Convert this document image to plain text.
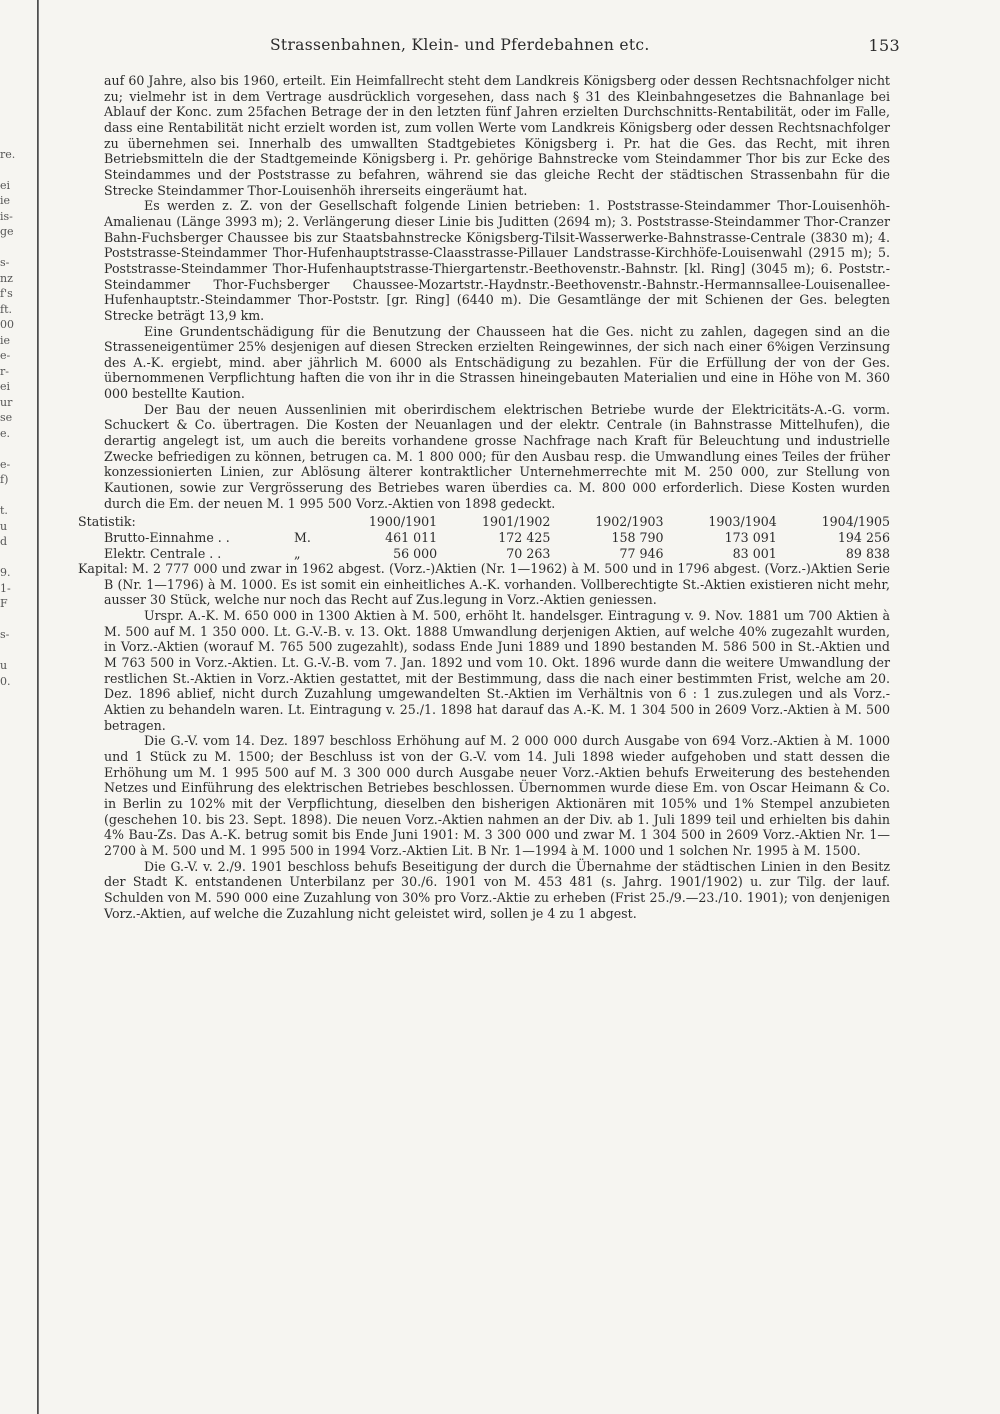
re.
ei
ie
is-
ge
s-
nz
f's
ft.
00
ie
e-
r-
ei
ur
se
e.
e-
f)
t.
u
d
9.
1-
F
s-
u
0.
Strassenbahnen, Klein- und Pferdebahnen etc.	153

auf 60 Jahre, also bis 1960, erteilt. Ein Heimfallrecht steht dem Landkreis Königsberg oder dessen Rechtsnachfolger nicht zu; vielmehr ist in dem Vertrage ausdrücklich vorgesehen, dass nach § 31 des Kleinbahngesetzes die Bahnanlage bei Ablauf der Konc. zum 25fachen Betrage der in den letzten fünf Jahren erzielten Durchschnitts-Rentabilität, oder im Falle, dass eine Rentabilität nicht erzielt worden ist, zum vollen Werte vom Landkreis Königsberg oder dessen Rechtsnachfolger zu übernehmen sei. Innerhalb des umwallten Stadtgebietes Königsberg i. Pr. hat die Ges. das Recht, mit ihren Betriebsmitteln die der Stadtgemeinde Königsberg i. Pr. gehörige Bahnstrecke vom Steindammer Thor bis zur Ecke des Steindammes und der Poststrasse zu befahren, während sie das gleiche Recht der städtischen Strassenbahn für die Strecke Steindammer Thor-Louisenhöh ihrerseits eingeräumt hat.

Es werden z. Z. von der Gesellschaft folgende Linien betrieben: 1. Poststrasse-Steindammer Thor-Louisenhöh-Amalienau (Länge 3993 m); 2. Verlängerung dieser Linie bis Juditten (2694 m); 3. Poststrasse-Steindammer Thor-Cranzer Bahn-Fuchsberger Chaussee bis zur Staatsbahnstrecke Königsberg-Tilsit-Wasserwerke-Bahnstrasse-Centrale (3830 m); 4. Poststrasse-Steindammer Thor-Hufenhauptstrasse-Claasstrasse-Pillauer Landstrasse-Kirchhöfe-Louisenwahl (2915 m); 5. Poststrasse-Steindammer Thor-Hufenhauptstrasse-Thiergartenstr.-Beethovenstr.-Bahnstr. [kl. Ring] (3045 m); 6. Poststr.-Steindammer Thor-Fuchsberger Chaussee-Mozartstr.-Haydnstr.-Beethovenstr.-Bahnstr.-Hermannsallee-Louisenallee-Hufenhauptstr.-Steindammer Thor-Poststr. [gr. Ring] (6440 m). Die Gesamtlänge der mit Schienen der Ges. belegten Strecke beträgt 13,9 km.

Eine Grundentschädigung für die Benutzung der Chausseen hat die Ges. nicht zu zahlen, dagegen sind an die Strasseneigentümer 25% desjenigen auf diesen Strecken erzielten Reingewinnes, der sich nach einer 6%igen Verzinsung des A.-K. ergiebt, mind. aber jährlich M. 6000 als Entschädigung zu bezahlen. Für die Erfüllung der von der Ges. übernommenen Verpflichtung haften die von ihr in die Strassen hineingebauten Materialien und eine in Höhe von M. 360 000 bestellte Kaution.

Der Bau der neuen Aussenlinien mit oberirdischem elektrischen Betriebe wurde der Elektricitäts-A.-G. vorm. Schuckert & Co. übertragen. Die Kosten der Neuanlagen und der elektr. Centrale (in Bahnstrasse Mittelhufen), die derartig angelegt ist, um auch die bereits vorhandene grosse Nachfrage nach Kraft für Beleuchtung und industrielle Zwecke befriedigen zu können, betrugen ca. M. 1 800 000; für den Ausbau resp. die Umwandlung eines Teiles der früher konzessionierten Linien, zur Ablösung älterer kontraktlicher Unternehmerrechte mit M. 250 000, zur Stellung von Kautionen, sowie zur Vergrösserung des Betriebes waren überdies ca. M. 800 000 erforderlich. Diese Kosten wurden durch die Em. der neuen M. 1 995 500 Vorz.-Aktien von 1898 gedeckt.

Statistik:		1900/1901	1901/1902	1902/1903	1903/1904	1904/1905
Brutto-Einnahme . .	M.	461 011	172 425	158 790	173 091	194 256
Elektr. Centrale . .	„	56 000	70 263	77 946	83 001	89 838

Kapital: M. 2 777 000 und zwar in 1962 abgest. (Vorz.-)Aktien (Nr. 1—1962) à M. 500 und in 1796 abgest. (Vorz.-)Aktien Serie B (Nr. 1—1796) à M. 1000. Es ist somit ein einheitliches A.-K. vorhanden. Vollberechtigte St.-Aktien existieren nicht mehr, ausser 30 Stück, welche nur noch das Recht auf Zus.legung in Vorz.-Aktien geniessen.

Urspr. A.-K. M. 650 000 in 1300 Aktien à M. 500, erhöht lt. handelsger. Eintragung v. 9. Nov. 1881 um 700 Aktien à M. 500 auf M. 1 350 000. Lt. G.-V.-B. v. 13. Okt. 1888 Umwandlung derjenigen Aktien, auf welche 40% zugezahlt wurden, in Vorz.-Aktien (worauf M. 765 500 zugezahlt), sodass Ende Juni 1889 und 1890 bestanden M. 586 500 in St.-Aktien und M 763 500 in Vorz.-Aktien. Lt. G.-V.-B. vom 7. Jan. 1892 und vom 10. Okt. 1896 wurde dann die weitere Umwandlung der restlichen St.-Aktien in Vorz.-Aktien gestattet, mit der Bestimmung, dass die nach einer bestimmten Frist, welche am 20. Dez. 1896 ablief, nicht durch Zuzahlung umgewandelten St.-Aktien im Verhältnis von 6 : 1 zus.zulegen und als Vorz.-Aktien zu behandeln waren. Lt. Eintragung v. 25./1. 1898 hat darauf das A.-K. M. 1 304 500 in 2609 Vorz.-Aktien à M. 500 betragen.

Die G.-V. vom 14. Dez. 1897 beschloss Erhöhung auf M. 2 000 000 durch Ausgabe von 694 Vorz.-Aktien à M. 1000 und 1 Stück zu M. 1500; der Beschluss ist von der G.-V. vom 14. Juli 1898 wieder aufgehoben und statt dessen die Erhöhung um M. 1 995 500 auf M. 3 300 000 durch Ausgabe neuer Vorz.-Aktien behufs Erweiterung des bestehenden Netzes und Einführung des elektrischen Betriebes beschlossen. Übernommen wurde diese Em. von Oscar Heimann & Co. in Berlin zu 102% mit der Verpflichtung, dieselben den bisherigen Aktionären mit 105% und 1% Stempel anzubieten (geschehen 10. bis 23. Sept. 1898). Die neuen Vorz.-Aktien nahmen an der Div. ab 1. Juli 1899 teil und erhielten bis dahin 4% Bau-Zs. Das A.-K. betrug somit bis Ende Juni 1901: M. 3 300 000 und zwar M. 1 304 500 in 2609 Vorz.-Aktien Nr. 1—2700 à M. 500 und M. 1 995 500 in 1994 Vorz.-Aktien Lit. B Nr. 1—1994 à M. 1000 und 1 solchen Nr. 1995 à M. 1500.

Die G.-V. v. 2./9. 1901 beschloss behufs Beseitigung der durch die Übernahme der städtischen Linien in den Besitz der Stadt K. entstandenen Unterbilanz per 30./6. 1901 von M. 453 481 (s. Jahrg. 1901/1902) u. zur Tilg. der lauf. Schulden von M. 590 000 eine Zuzahlung von 30% pro Vorz.-Aktie zu erheben (Frist 25./9.—23./10. 1901); von denjenigen Vorz.-Aktien, auf welche die Zuzahlung nicht geleistet wird, sollen je 4 zu 1 abgest.
